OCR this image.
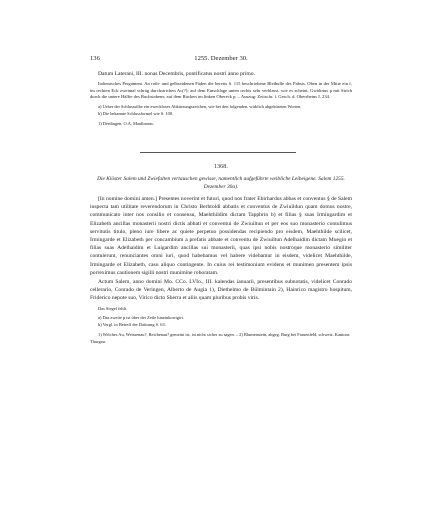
136	1255. Dezember 30.

Datum Laterani, III. nonas Decembris, pontificatus nostri anno primo.

Italienisches Pergament. An roth- und gelbseidenen Fäden die bereits S. 115 beschriebene Bleibulle des Pabsts. Oben in der Mitte ein f, im rechten Eck zweimal schräg durchstrichen Ac(?); auf dem Einschlage unten rechts sehr verblasst, wie es scheint, Gwidotus p mit Strich durch die untere Hälfte des Buchstabens; auf dem Rücken im linken Obereck p. – Auszug: Zeitschr. f. Gesch. d. Oberrheins I, 234.

a) Ueber der Schlusssilbe ein zweckloses Abkürzungszeichen, wie bei den folgenden, wirklich abgekürzten Worten.

b) Die bekannte Schlussformel wie S. 100.

1) Derdingen, O.A. Maulbronn.

1368.

Die Klöster Salem und Zwiefalten vertauschen gewisse, namentlich aufgeführte weibliche Leibeigene. Salem 1255. Dezember 30a).

[In nomine domini amen.] Presentes noverint et futuri, quod nos frater Ebirhardus abbas et conventus § de Salem inspecta tam utilitate reverendorum in Christo Berhtoldi abbatis et conventus de Zwiuildun quam domus nostre, communicato inter nos consilio et consensu, Maehthildim dictam Tapphrin b) et filias § suas Irmingardim et Elizabeth ancillas monasterii nostri dictis abbati et conventui de Zwiuiltun et per eos suo monasterio contulimus servitutis titulo, pleno iure libere ac quiete perpetuo possidendas recipiendo pro eisdem, Maehthilde scilicet, Irmingarde et Elizabeth per concambium a prefatis abbate et conventu de Zwiuiltun Adelhaidim dictam Muegin et filias suas Adelhaidim et Luigardim ancillas sui monasterii, quas ipsi nobis nostroque monasterio similiter contulerunt, renunciantes omni iuri, quod habebamus vel habere videbamur in eisdem, videlicet Maehthilde, Irmingarde et Elizabeth, casu aliquo contingente. In cuius rei testimonium evidens et munimen presentem ipsis porreximus cautionem sigilli nostri munimine roboratam.

Actum Salem, anno domini Mo. CCo. LVIo., III. kalendas ianuarii, presentibus subnotatis, videlicet Conrado cellerario, Conrado de Veringen, Alberto de Augia 1), Diethelmo de Bülmintain 2), Hainrico magistro hospitum, Friderico nepote suo, Virico dicto Sherra et aliis quam pluribus probis viris.

Das Siegel fehlt.

a) Das zweite p ist über der Zeile hineinkorrigirt.

b) Vergl. in Betreff der Datirung S. 63.

1) Welches Au, Weissenau?, Reichenau? gemeint ist, ist nicht sicher zu sagen. – 2) Blumenstein, abgeg. Burg bei Frauenfeld, schweiz. Kantons Thurgau.
